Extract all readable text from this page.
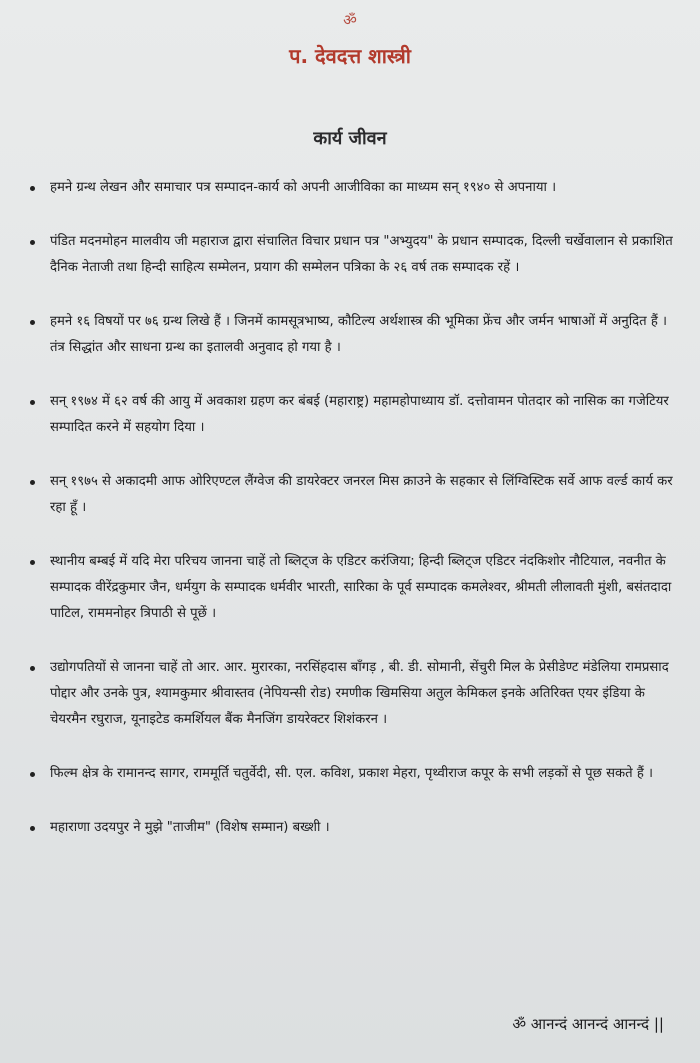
ॐ
प. देवदत्त शास्त्री
कार्य जीवन
हमने ग्रन्थ लेखन और समाचार पत्र सम्पादन-कार्य को अपनी आजीविका का माध्यम सन् १९४० से अपनाया ।
पंडित मदनमोहन मालवीय जी महाराज द्वारा संचालित विचार प्रधान पत्र "अभ्युदय" के प्रधान सम्पादक, दिल्ली चर्खेवालान से प्रकाशित दैनिक नेताजी तथा हिन्दी साहित्य सम्मेलन, प्रयाग की सम्मेलन पत्रिका के २६ वर्ष तक सम्पादक रहें ।
हमने १६ विषयों पर ७६ ग्रन्थ लिखे हैं । जिनमें कामसूत्रभाष्य, कौटिल्य अर्थशास्त्र की भूमिका फ्रेंच और जर्मन भाषाओं में अनुदित हैं । तंत्र सिद्धांत और साधना ग्रन्थ का इतालवी अनुवाद हो गया है ।
सन् १९७४ में ६२ वर्ष की आयु में अवकाश ग्रहण कर बंबई (महाराष्ट्र) महामहोपाध्याय डॉ. दत्तोवामन पोतदार को नासिक का गजेटियर सम्पादित करने में सहयोग दिया ।
सन् १९७५ से अकादमी आफ ओरिएण्टल लैंग्वेज की डायरेक्टर जनरल मिस क्राउने के सहकार से लिंग्विस्टिक सर्वे आफ वर्ल्ड कार्य कर रहा हूँ ।
स्थानीय बम्बई में यदि मेरा परिचय जानना चाहें तो ब्लिट्ज के एडिटर करंजिया; हिन्दी ब्लिट्ज एडिटर नंदकिशोर नौटियाल, नवनीत के सम्पादक वीरेंद्रकुमार जैन, धर्मयुग के सम्पादक धर्मवीर भारती, सारिका के पूर्व सम्पादक कमलेश्वर, श्रीमती लीलावती मुंशी, बसंतदादा पाटिल, राममनोहर त्रिपाठी से पूछें ।
उद्योगपतियों से जानना चाहें तो आर. आर. मुरारका, नरसिंहदास बाँगड़ , बी. डी. सोमानी, सेंचुरी मिल के प्रेसीडेण्ट मंडेलिया रामप्रसाद पोद्दार और उनके पुत्र, श्यामकुमार श्रीवास्तव (नेपियन्सी रोड) रमणीक खिमसिया अतुल केमिकल इनके अतिरिक्त एयर इंडिया के चेयरमैन रघुराज, यूनाइटेड कमर्शियल बैंक मैनजिंग डायरेक्टर शिशंकरन ।
फिल्म क्षेत्र के रामानन्द सागर, राममूर्ति चतुर्वेदी, सी. एल. कविश, प्रकाश मेहरा, पृथ्वीराज कपूर के सभी लड़कों से पूछ सकते हैं ।
महाराणा उदयपुर ने मुझे "ताजीम" (विशेष सम्मान) बख्शी ।
ॐ आनन्दं आनन्दं आनन्दं ||
